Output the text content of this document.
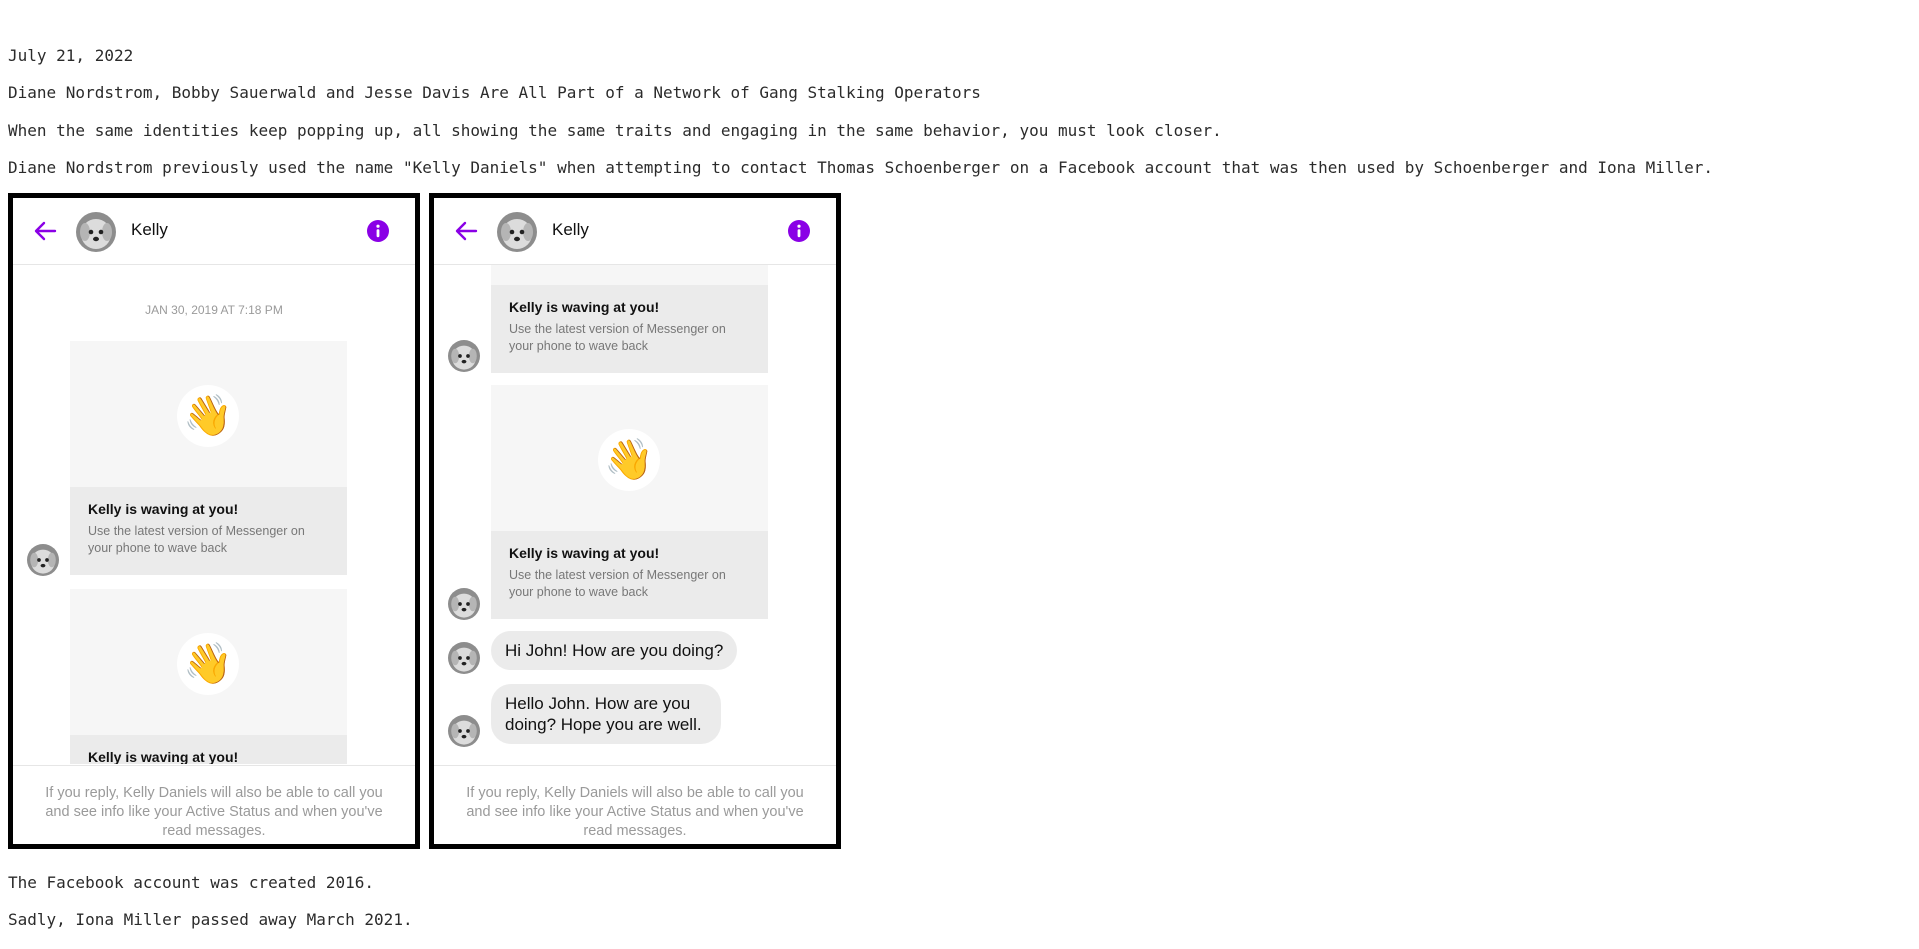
July 21, 2022

Diane Nordstrom, Bobby Sauerwald and Jesse Davis Are All Part of a Network of Gang Stalking Operators

When the same identities keep popping up, all showing the same traits and engaging in the same behavior, you must look closer.

Diane Nordstrom previously used the name "Kelly Daniels" when attempting to contact Thomas Schoenberger on a Facebook account that was then used by Schoenberger and Iona Miller.

Kelly
JAN 30, 2019 AT 7:18 PM
👋
Kelly is waving at you!
Use the latest version of Messenger on your phone to wave back
👋
Kelly is waving at you!
If you reply, Kelly Daniels will also be able to call you and see info like your Active Status and when you've read messages.
Kelly
Kelly is waving at you!
Use the latest version of Messenger on your phone to wave back
👋
Kelly is waving at you!
Use the latest version of Messenger on your phone to wave back
Hi John! How are you doing?
Hello John. How are you doing? Hope you are well.
If you reply, Kelly Daniels will also be able to call you and see info like your Active Status and when you've read messages.

The Facebook account was created 2016.

Sadly, Iona Miller passed away March 2021.
